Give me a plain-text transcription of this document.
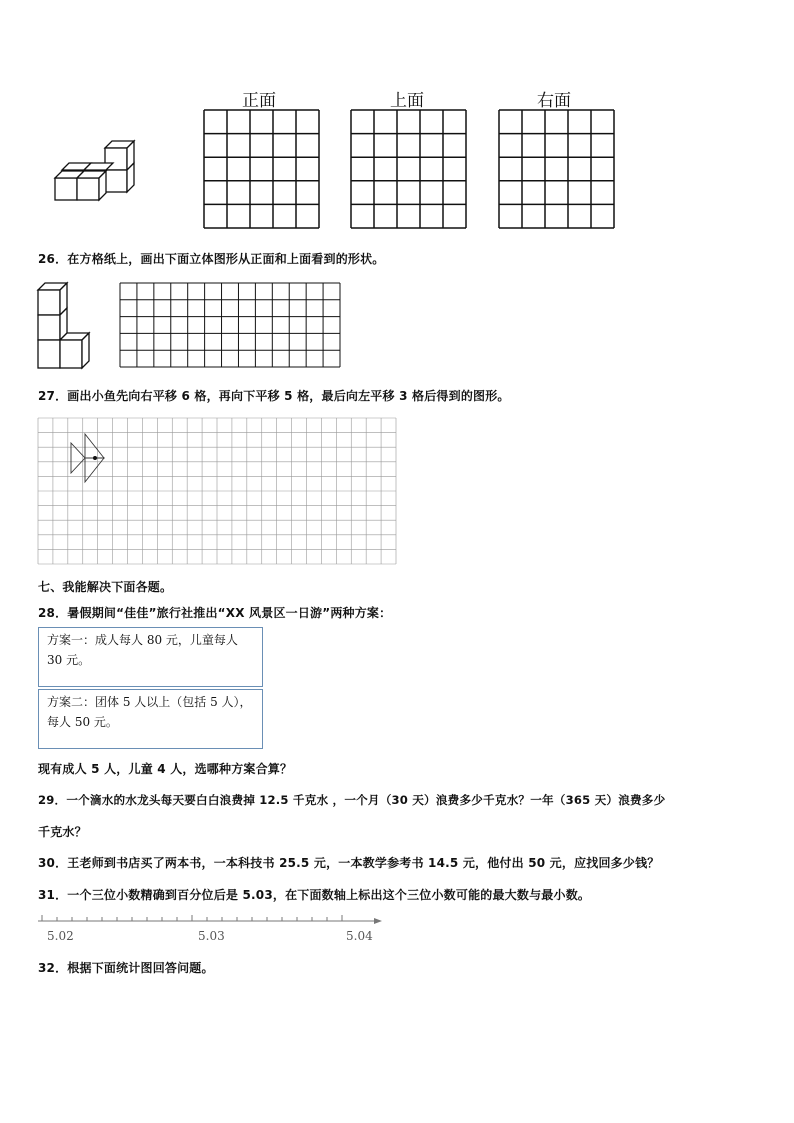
正面	上面	右面
26．在方格纸上，画出下面立体图形从正面和上面看到的形状。
27．画出小鱼先向右平移 6 格，再向下平移 5 格，最后向左平移 3 格后得到的图形。
七、我能解决下面各题。
28．暑假期间“佳佳”旅行社推出“XX 风景区一日游”两种方案：
方案一：成人每人 80 元，儿童每人 30 元。
方案二：团体 5 人以上（包括 5 人），每人 50 元。
现有成人 5 人，儿童 4 人，选哪种方案合算？
29．一个滴水的水龙头每天要白白浪费掉 12.5 千克水 ，一个月（30 天）浪费多少千克水？一年（365 天）浪费多少
千克水？
30．王老师到书店买了两本书，一本科技书 25.5 元，一本教学参考书 14.5 元，他付出 50 元，应找回多少钱？
31．一个三位小数精确到百分位后是 5.03，在下面数轴上标出这个三位小数可能的最大数与最小数。
5.02	5.03	5.04
32．根据下面统计图回答问题。
